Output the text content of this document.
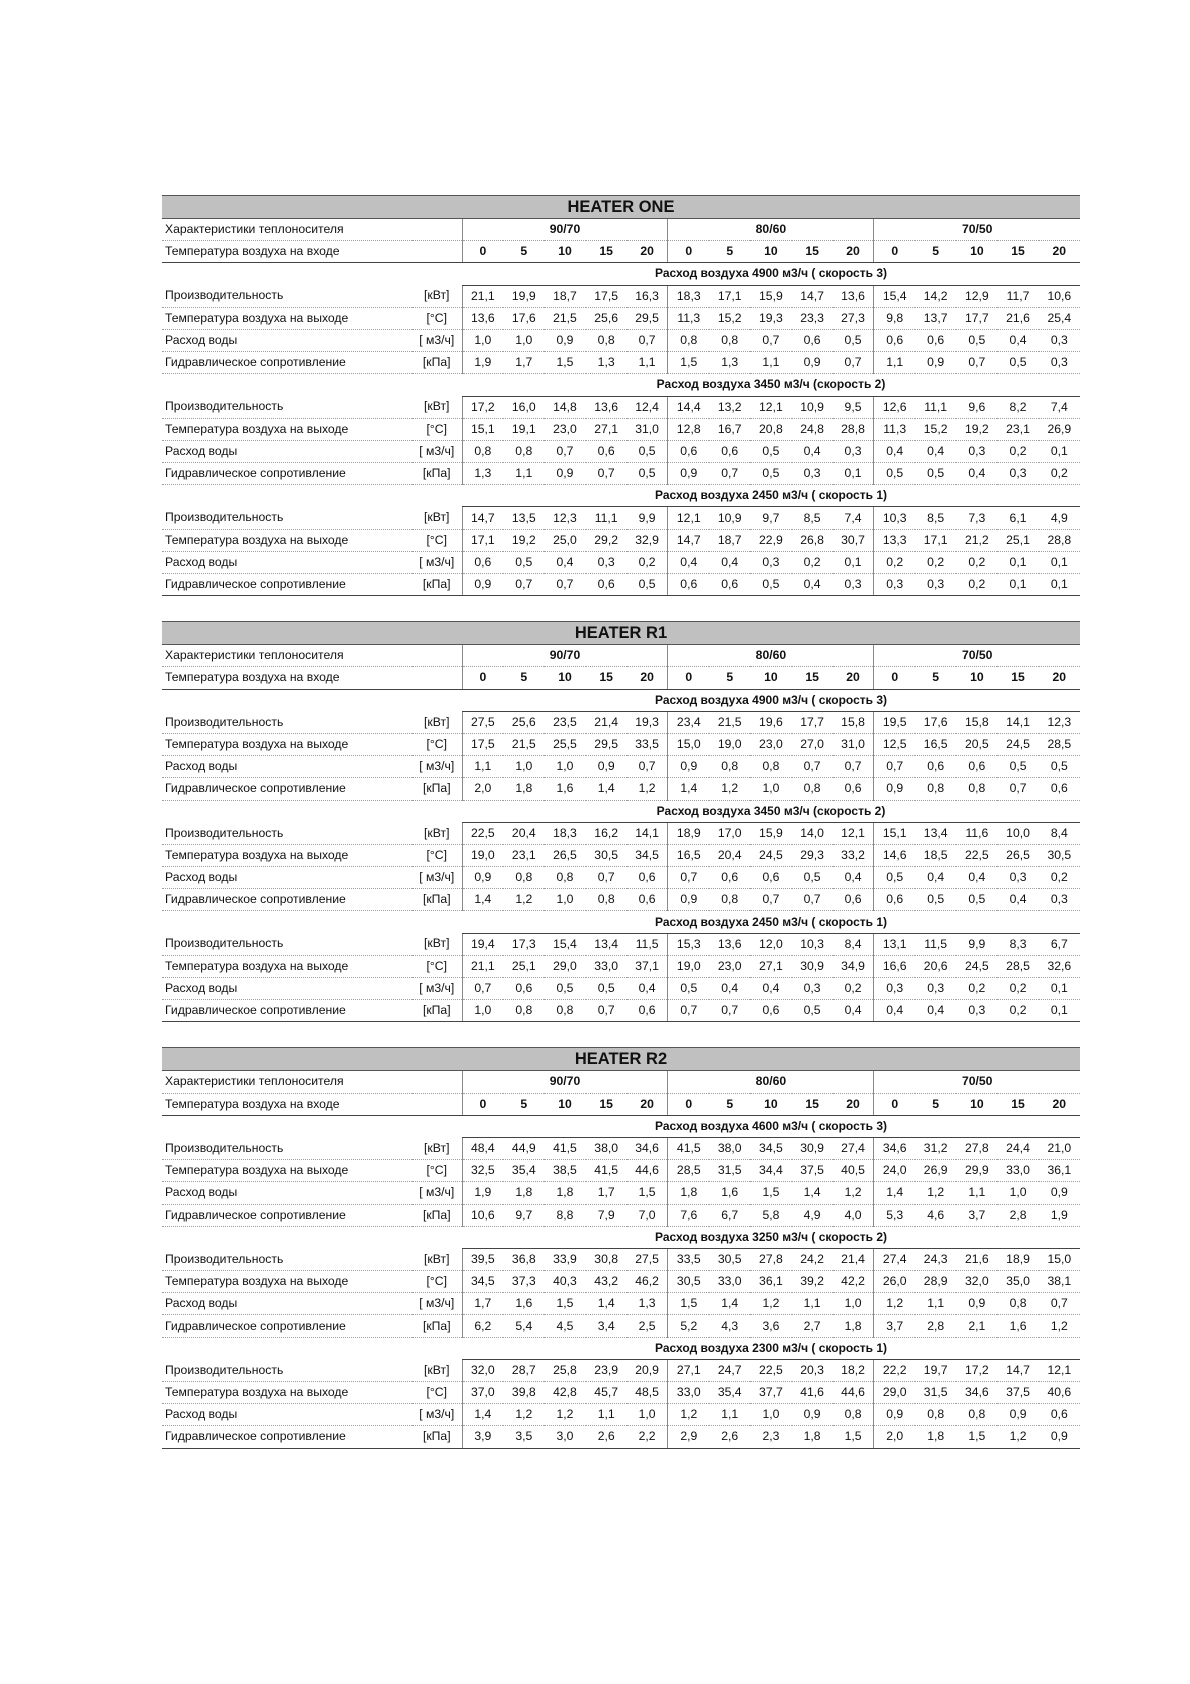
HEATER ONE																
Характеристики теплоносителя		90/70					80/60					70/50				
Температура воздуха на входе		0	5	10	15	20	0	5	10	15	20	0	5	10	15	20
		Расход воздуха 4900 м3/ч ( скорость 3)														
Производительность	[кВт]	21,1	19,9	18,7	17,5	16,3	18,3	17,1	15,9	14,7	13,6	15,4	14,2	12,9	11,7	10,6
Температура воздуха на выходе	[°C]	13,6	17,6	21,5	25,6	29,5	11,3	15,2	19,3	23,3	27,3	9,8	13,7	17,7	21,6	25,4
Расход воды	[ м3/ч]	1,0	1,0	0,9	0,8	0,7	0,8	0,8	0,7	0,6	0,5	0,6	0,6	0,5	0,4	0,3
Гидравлическое сопротивление	[кПа]	1,9	1,7	1,5	1,3	1,1	1,5	1,3	1,1	0,9	0,7	1,1	0,9	0,7	0,5	0,3
		Расход воздуха 3450 м3/ч (скорость 2)														
Производительность	[кВт]	17,2	16,0	14,8	13,6	12,4	14,4	13,2	12,1	10,9	9,5	12,6	11,1	9,6	8,2	7,4
Температура воздуха на выходе	[°C]	15,1	19,1	23,0	27,1	31,0	12,8	16,7	20,8	24,8	28,8	11,3	15,2	19,2	23,1	26,9
Расход воды	[ м3/ч]	0,8	0,8	0,7	0,6	0,5	0,6	0,6	0,5	0,4	0,3	0,4	0,4	0,3	0,2	0,1
Гидравлическое сопротивление	[кПа]	1,3	1,1	0,9	0,7	0,5	0,9	0,7	0,5	0,3	0,1	0,5	0,5	0,4	0,3	0,2
		Расход воздуха 2450 м3/ч ( скорость 1)														
Производительность	[кВт]	14,7	13,5	12,3	11,1	9,9	12,1	10,9	9,7	8,5	7,4	10,3	8,5	7,3	6,1	4,9
Температура воздуха на выходе	[°C]	17,1	19,2	25,0	29,2	32,9	14,7	18,7	22,9	26,8	30,7	13,3	17,1	21,2	25,1	28,8
Расход воды	[ м3/ч]	0,6	0,5	0,4	0,3	0,2	0,4	0,4	0,3	0,2	0,1	0,2	0,2	0,2	0,1	0,1
Гидравлическое сопротивление	[кПа]	0,9	0,7	0,7	0,6	0,5	0,6	0,6	0,5	0,4	0,3	0,3	0,3	0,2	0,1	0,1
HEATER R1																
Характеристики теплоносителя		90/70					80/60					70/50				
Температура воздуха на входе		0	5	10	15	20	0	5	10	15	20	0	5	10	15	20
		Расход воздуха 4900 м3/ч ( скорость 3)														
Производительность	[кВт]	27,5	25,6	23,5	21,4	19,3	23,4	21,5	19,6	17,7	15,8	19,5	17,6	15,8	14,1	12,3
Температура воздуха на выходе	[°C]	17,5	21,5	25,5	29,5	33,5	15,0	19,0	23,0	27,0	31,0	12,5	16,5	20,5	24,5	28,5
Расход воды	[ м3/ч]	1,1	1,0	1,0	0,9	0,7	0,9	0,8	0,8	0,7	0,7	0,7	0,6	0,6	0,5	0,5
Гидравлическое сопротивление	[кПа]	2,0	1,8	1,6	1,4	1,2	1,4	1,2	1,0	0,8	0,6	0,9	0,8	0,8	0,7	0,6
		Расход воздуха 3450 м3/ч (скорость 2)														
Производительность	[кВт]	22,5	20,4	18,3	16,2	14,1	18,9	17,0	15,9	14,0	12,1	15,1	13,4	11,6	10,0	8,4
Температура воздуха на выходе	[°C]	19,0	23,1	26,5	30,5	34,5	16,5	20,4	24,5	29,3	33,2	14,6	18,5	22,5	26,5	30,5
Расход воды	[ м3/ч]	0,9	0,8	0,8	0,7	0,6	0,7	0,6	0,6	0,5	0,4	0,5	0,4	0,4	0,3	0,2
Гидравлическое сопротивление	[кПа]	1,4	1,2	1,0	0,8	0,6	0,9	0,8	0,7	0,7	0,6	0,6	0,5	0,5	0,4	0,3
		Расход воздуха 2450 м3/ч ( скорость 1)														
Производительность	[кВт]	19,4	17,3	15,4	13,4	11,5	15,3	13,6	12,0	10,3	8,4	13,1	11,5	9,9	8,3	6,7
Температура воздуха на выходе	[°C]	21,1	25,1	29,0	33,0	37,1	19,0	23,0	27,1	30,9	34,9	16,6	20,6	24,5	28,5	32,6
Расход воды	[ м3/ч]	0,7	0,6	0,5	0,5	0,4	0,5	0,4	0,4	0,3	0,2	0,3	0,3	0,2	0,2	0,1
Гидравлическое сопротивление	[кПа]	1,0	0,8	0,8	0,7	0,6	0,7	0,7	0,6	0,5	0,4	0,4	0,4	0,3	0,2	0,1
HEATER R2																
Характеристики теплоносителя		90/70					80/60					70/50				
Температура воздуха на входе		0	5	10	15	20	0	5	10	15	20	0	5	10	15	20
		Расход воздуха 4600 м3/ч ( скорость 3)														
Производительность	[кВт]	48,4	44,9	41,5	38,0	34,6	41,5	38,0	34,5	30,9	27,4	34,6	31,2	27,8	24,4	21,0
Температура воздуха на выходе	[°C]	32,5	35,4	38,5	41,5	44,6	28,5	31,5	34,4	37,5	40,5	24,0	26,9	29,9	33,0	36,1
Расход воды	[ м3/ч]	1,9	1,8	1,8	1,7	1,5	1,8	1,6	1,5	1,4	1,2	1,4	1,2	1,1	1,0	0,9
Гидравлическое сопротивление	[кПа]	10,6	9,7	8,8	7,9	7,0	7,6	6,7	5,8	4,9	4,0	5,3	4,6	3,7	2,8	1,9
		Расход воздуха 3250 м3/ч ( скорость 2)														
Производительность	[кВт]	39,5	36,8	33,9	30,8	27,5	33,5	30,5	27,8	24,2	21,4	27,4	24,3	21,6	18,9	15,0
Температура воздуха на выходе	[°C]	34,5	37,3	40,3	43,2	46,2	30,5	33,0	36,1	39,2	42,2	26,0	28,9	32,0	35,0	38,1
Расход воды	[ м3/ч]	1,7	1,6	1,5	1,4	1,3	1,5	1,4	1,2	1,1	1,0	1,2	1,1	0,9	0,8	0,7
Гидравлическое сопротивление	[кПа]	6,2	5,4	4,5	3,4	2,5	5,2	4,3	3,6	2,7	1,8	3,7	2,8	2,1	1,6	1,2
		Расход воздуха 2300 м3/ч ( скорость 1)														
Производительность	[кВт]	32,0	28,7	25,8	23,9	20,9	27,1	24,7	22,5	20,3	18,2	22,2	19,7	17,2	14,7	12,1
Температура воздуха на выходе	[°C]	37,0	39,8	42,8	45,7	48,5	33,0	35,4	37,7	41,6	44,6	29,0	31,5	34,6	37,5	40,6
Расход воды	[ м3/ч]	1,4	1,2	1,2	1,1	1,0	1,2	1,1	1,0	0,9	0,8	0,9	0,8	0,8	0,9	0,6
Гидравлическое сопротивление	[кПа]	3,9	3,5	3,0	2,6	2,2	2,9	2,6	2,3	1,8	1,5	2,0	1,8	1,5	1,2	0,9
